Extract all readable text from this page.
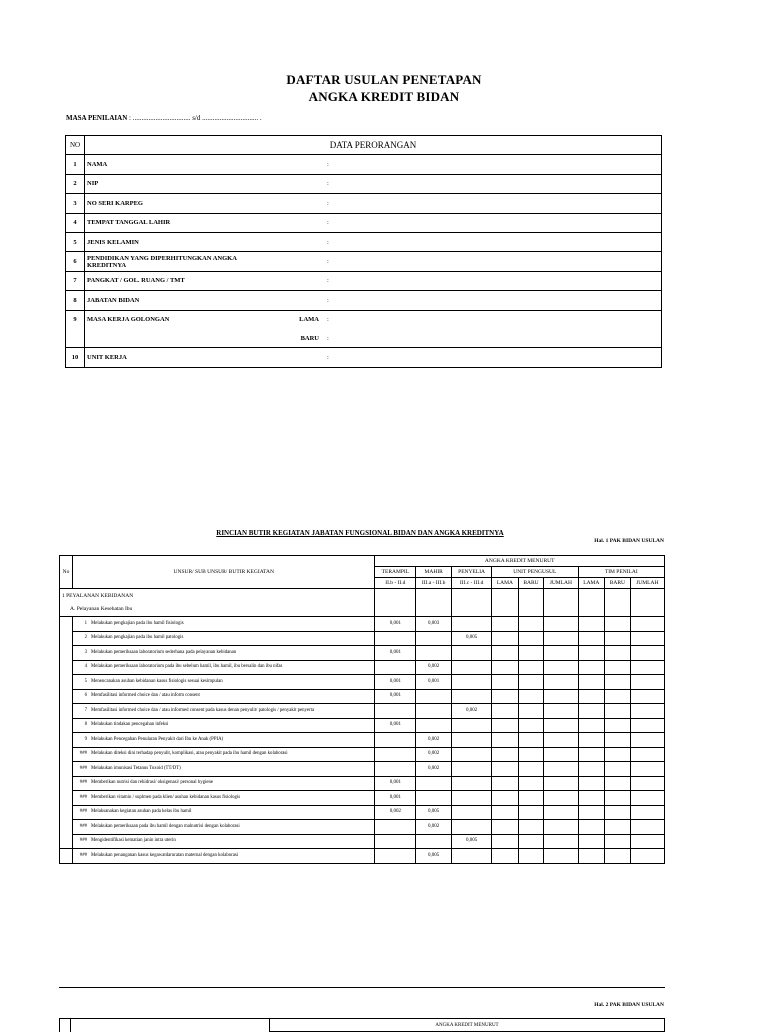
DAFTAR USULAN PENETAPAN
ANGKA KREDIT BIDAN
MASA PENILAIAN : ................................. s/d ................................ .
NO	DATA PERORANGAN		
1	NAMA		:
2	NIP		:
3	NO SERI KARPEG		:
4	TEMPAT TANGGAL LAHIR		:
5	JENIS KELAMIN		:
6	PENDIDIKAN YANG DIPERHITUNGKAN ANGKA KREDITNYA		:
7	PANGKAT / GOL. RUANG / TMT		:
8	JABATAN BIDAN		:
9	MASA KERJA GOLONGAN	LAMA	:
		BARU	:
10	UNIT KERJA		:
RINCIAN BUTIR KEGIATAN JABATAN FUNGSIONAL BIDAN DAN ANGKA KREDITNYA
Hal. 1 PAK BIDAN USULAN
No	UNSUR/ SUB UNSUR/ BUTIR KEGIATAN		ANGKA KREDIT MENURUT								
			TERAMPIL	MAHIR	PENYELIA	UNIT PENGUSUL			TIM PENILAI		
			II.b - II.d	III.a - III.b	III.c - III.d	LAMA	BARU	JUMLAH	LAMA	BARU	JUMLAH
1 PEYALANAN KEBIDANAN											
A. Pelayanan Kesehatan Ibu											
	1	Melakukan pengkajian pada ibu hamil fisiologis	0,001	0,003							
	2	Melakukan pengkajian pada ibu hamil patologis			0,005						
	3	Melakukan pemeriksaan laboratorium sederhana pada pelayanan kebidanan	0,001								
	4	Melakukan pemeriksaan laboratorium pada ibu sebelum hamil, ibu hamil, ibu bersalin dan ibu nifas		0,002							
	5	Menencanakan asuhan kebidanan kasus fisiologis sesuai kesimpulan	0,001	0,001							
	6	Memfasilitasi informed choice dan / atau inform consent	0,001								
	7	Memfasilitasi informed choice dan / atau informed consent pada kasus denan penyulit/ patologis / penyakit penyerta			0,002						
	8	Melakukan tindakan pencegahan infeksi	0,001								
	9	Melakukan Pencegahan Penularan Penyakit dari Ibu ke Anak (PPIA)		0,002							
	###	Melakukan diteksi dini terhadap penyulit, komplikasi, atau penyakit pada ibu hamil dengan kolaborasi		0,002							
	###	Melakukan imunisasi Tetanus Toxoid (TT/DT)		0,002							
	###	Memberikan nutrisi dan rehidrasi/ oksigenasi/ personal hygiene	0,001								
	###	Memberikan vitamin / suplmen pada klien/ asuhan kebidanan kasus fisiologis	0,001								
	###	Melaksanakan kegiatan asuhan pada kelas ibu hamil	0,002	0,005							
	###	Melakukan pemeriksaan pada ibu hamil dengan malnutrisi dengan kolaborasi		0,002							
	###	Mengidentifikasi kematian janin intra uterin			0,005						
	###	Melakukan penanganan kasus kegawatdaruratan maternal dengan kolaborasi		0,005							
Hal. 2 PAK BIDAN USULAN
		ANGKA KREDIT MENURUT
